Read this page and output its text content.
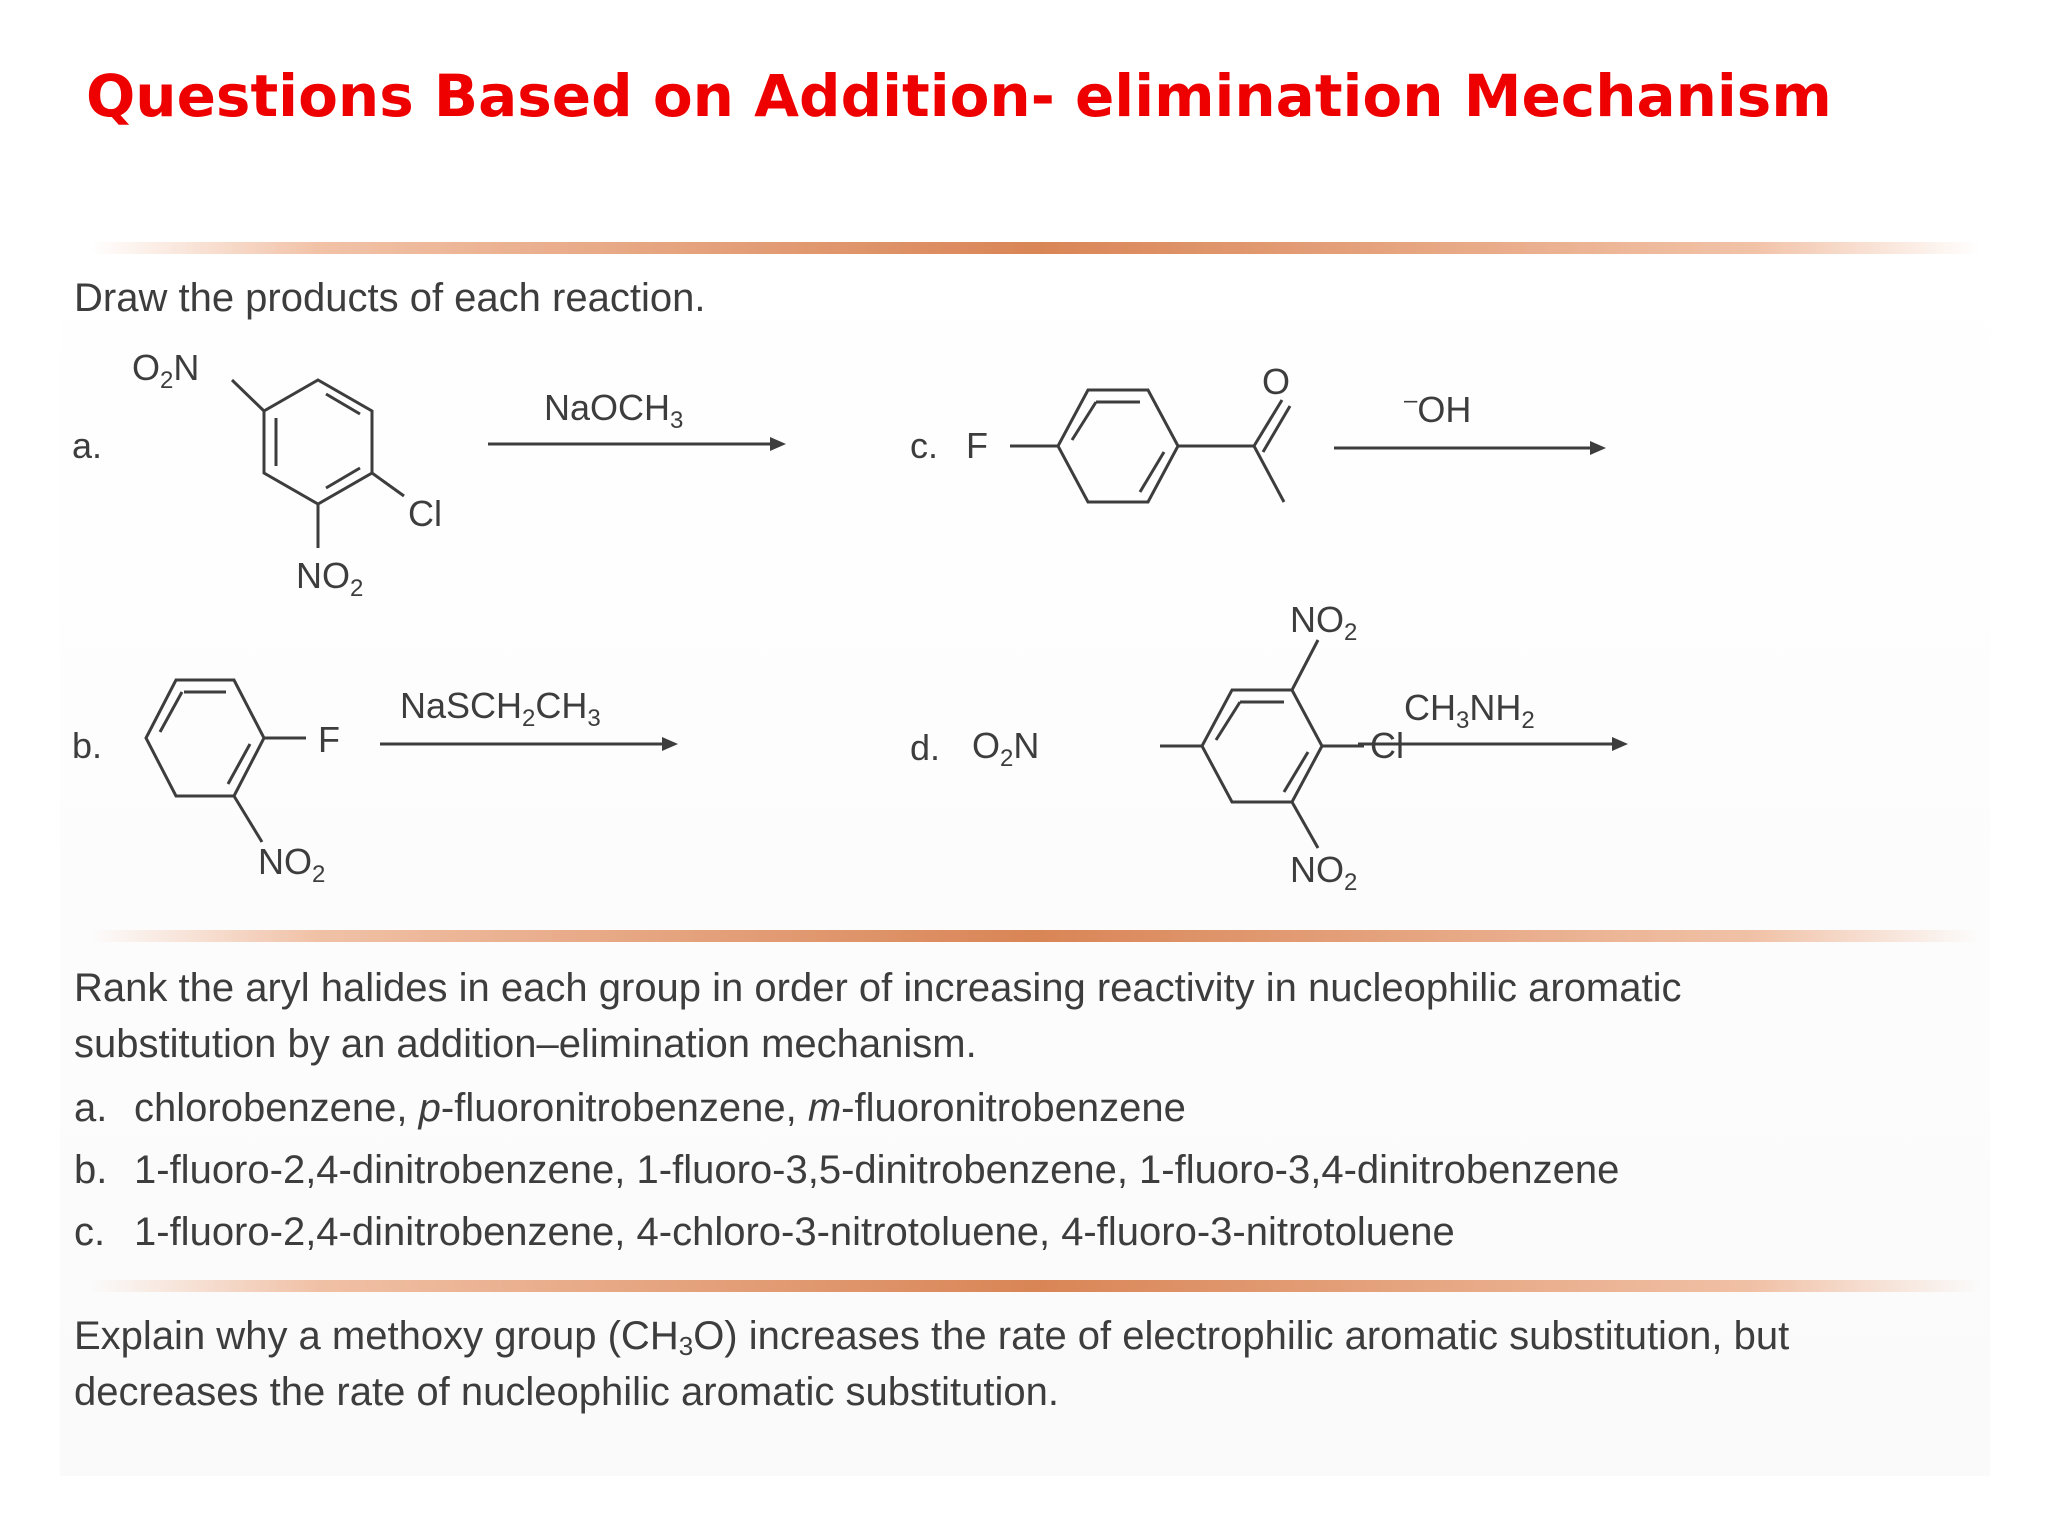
Questions Based on Addition- elimination Mechanism
Draw the products of each reaction.
a.
b.
c.
d.
$O_2N$
Cl
$NO_2$
NaOCH$_3$
F
$NO_2$
$NaSCH_2CH_3$
F
O	–OH
$O_2N$
$NO_2$
Cl
$NO_2$
$CH_3NH_2$
Rank the aryl halides in each group in order of increasing reactivity in nucleophilic aromatic
substitution by an addition–elimination mechanism.
a. chlorobenzene, p-fluoronitrobenzene, m-fluoronitrobenzene
b. 1-fluoro-2,4-dinitrobenzene, 1-fluoro-3,5-dinitrobenzene, 1-fluoro-3,4-dinitrobenzene
c. 1-fluoro-2,4-dinitrobenzene, 4-chloro-3-nitrotoluene, 4-fluoro-3-nitrotoluene
Explain why a methoxy group $(CH_3O)$ increases the rate of electrophilic aromatic substitution, but
decreases the rate of nucleophilic aromatic substitution.
